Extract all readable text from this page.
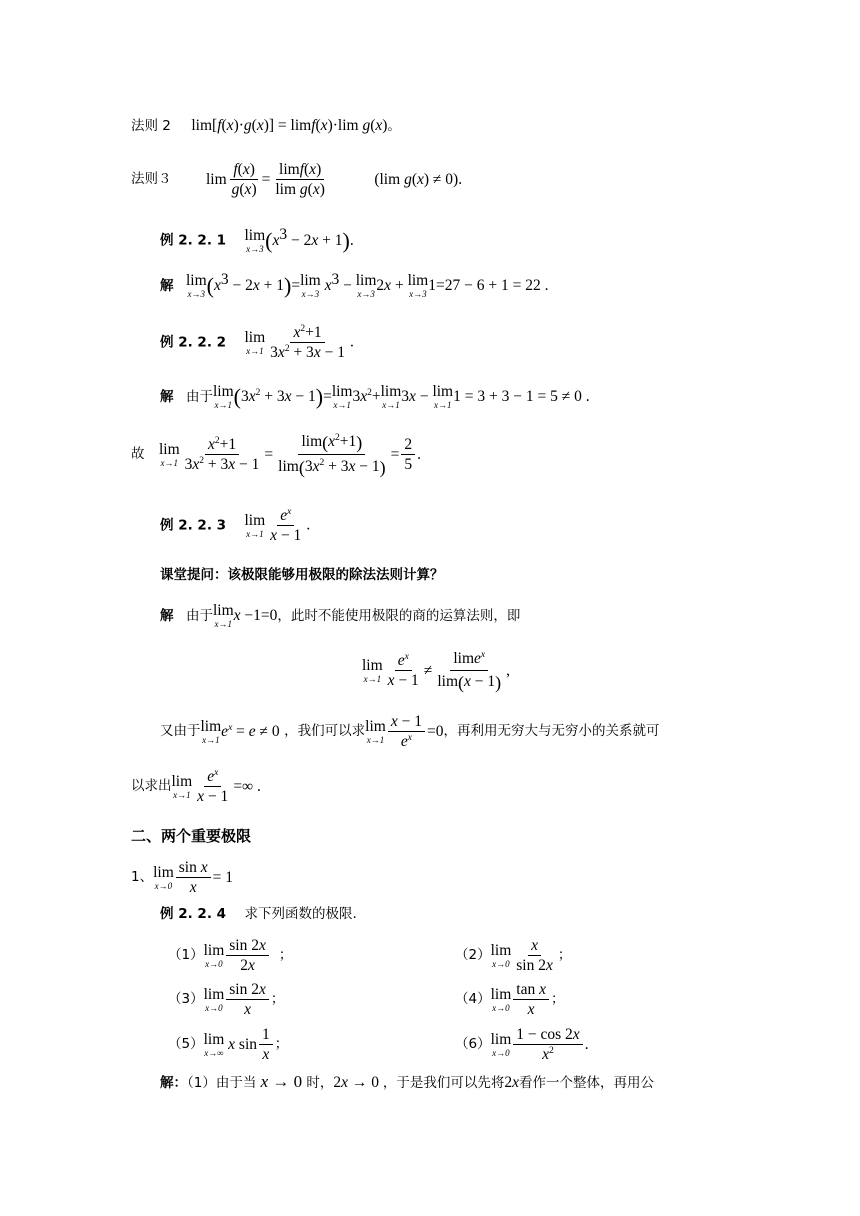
法则 2 lim[f(x)·g(x)] = limf(x)·lim g(x)。
法则３ $\lim \frac{f(x)}{g(x)} = \frac{\lim f(x)}{\text{lim g(x)}}$	(lim g(x) ≠ 0).
例 2. 2. 1 lim
x→3 $(x^3 - 2x + 1)$.
解 lim
x→3 $(x^3 - 2x + 1)= \lim$
x→3 $x^3 - \lim$
x→3 2x + lim
x→3 1=27 − 6 + 1 = 22 .
例 2. 2. 2 lim
$x\to 1 \frac{x^2+1}{3x^2 + 3x - 1}$ .
解 由于 lim
x→1 $(3x^2 + 3x - 1)= \lim$
x→1 $3x^2+ \lim$
x→1 3x − lim
x→1 1 = 3 + 3 − 1 = 5 ≠ 0 .
故 lim
$x\to 1 \frac{x^2+1}{3x^2 + 3x - 1} = \frac{\lim(x^2+1)}{\lim(3x^2 + 3x - 1)} = \frac{2}{5}$ .
例 2. 2. 3 lim
$x\to 1 \frac{e^x}{x - 1}$ .
课堂提问：该极限能够用极限的除法法则计算？
解 由于 lim
x→1 x −1=0，此时不能使用极限的商的运算法则，即
lim
$x\to 1 \frac{e^x}{x - 1} \ne \frac{\lim e^x}{\lim(x - 1)}$ ,
又由于 lim
x→1 $e^x = e \ne 0$ ，我们可以求 lim
$x\to 1 \frac{x - 1}{e^x} =0$，再利用无穷大与无穷小的关系就可
以求出 lim
$x\to 1 \frac{e^x}{x - 1}$ =∞ .
二、两个重要极限
1、 lim
$x\to 0 \frac{\text{sin x}}{x} = 1$
例 2. 2. 4 求下列函数的极限.
（1） lim
$x\to 0 \frac{\sin 2x}{2x}$ ；	（2） lim
$x\to 0 \frac{x}{\sin 2x}$ ；
（3） lim
$x\to 0 \frac{\sin 2x}{x}$ ；	（4） lim
$x\to 0 \frac{\text{tan x}}{x}$ ；
（5） lim
x→∞ x $\sin \frac{1}{x}$ ；	（6） lim
$x\to 0 \frac{1 - \cos 2x}{x^2}$ .
解：（1）由于当 x → 0 时，2x → 0 ，于是我们可以先将2x看作一个整体，再用公
